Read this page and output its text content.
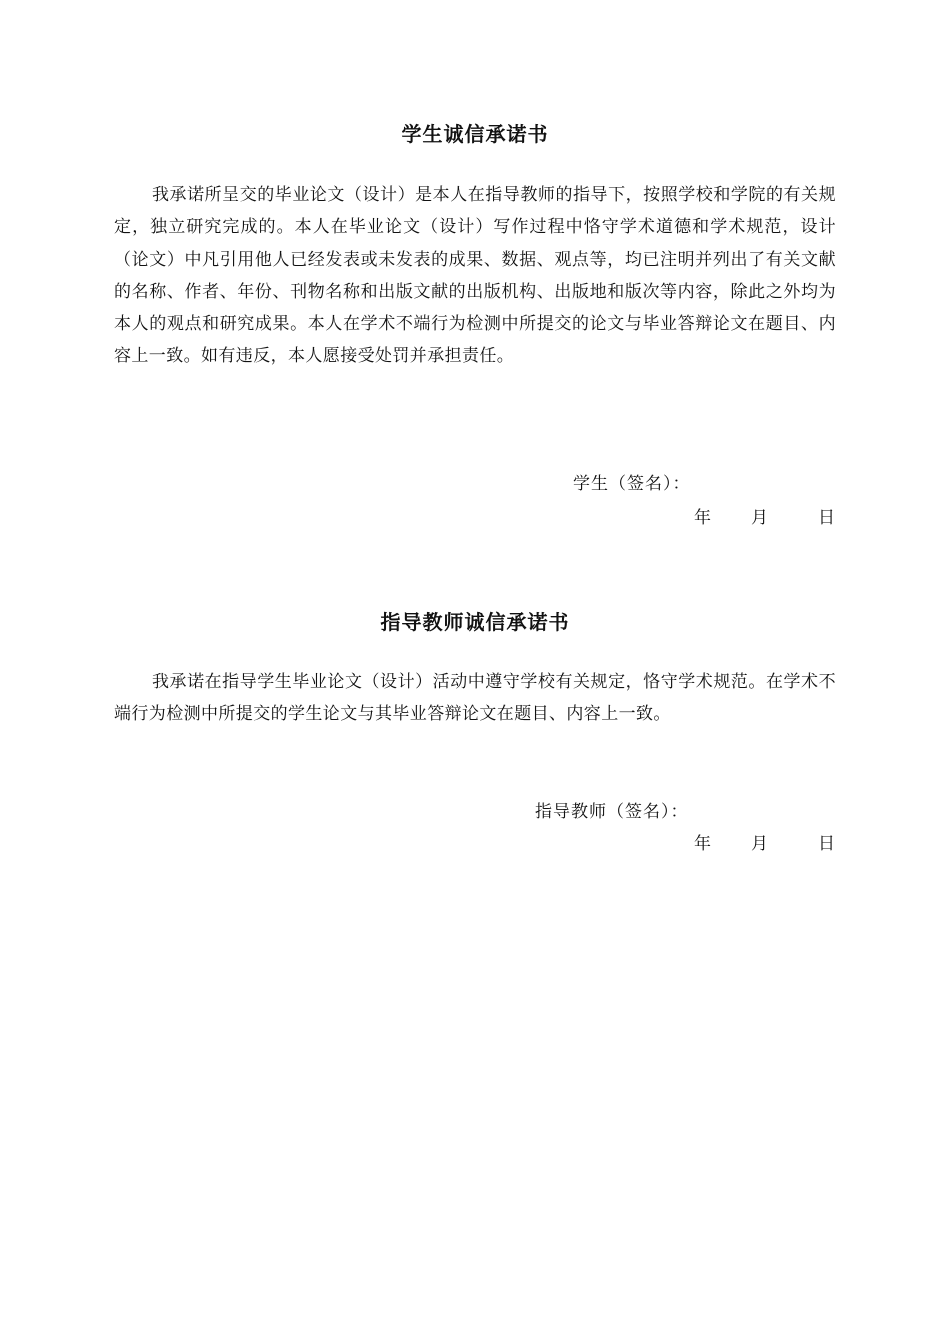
学生诚信承诺书
我承诺所呈交的毕业论文（设计）是本人在指导教师的指导下，按照学校和学院的有关规定，独立研究完成的。本人在毕业论文（设计）写作过程中恪守学术道德和学术规范，设计（论文）中凡引用他人已经发表或未发表的成果、数据、观点等，均已注明并列出了有关文献的名称、作者、年份、刊物名称和出版文献的出版机构、出版地和版次等内容，除此之外均为本人的观点和研究成果。本人在学术不端行为检测中所提交的论文与毕业答辩论文在题目、内容上一致。如有违反，本人愿接受处罚并承担责任。
学生（签名）：
年 月	日
指导教师诚信承诺书
我承诺在指导学生毕业论文（设计）活动中遵守学校有关规定，恪守学术规范。在学术不端行为检测中所提交的学生论文与其毕业答辩论文在题目、内容上一致。
指导教师（签名）：
年 月	日
